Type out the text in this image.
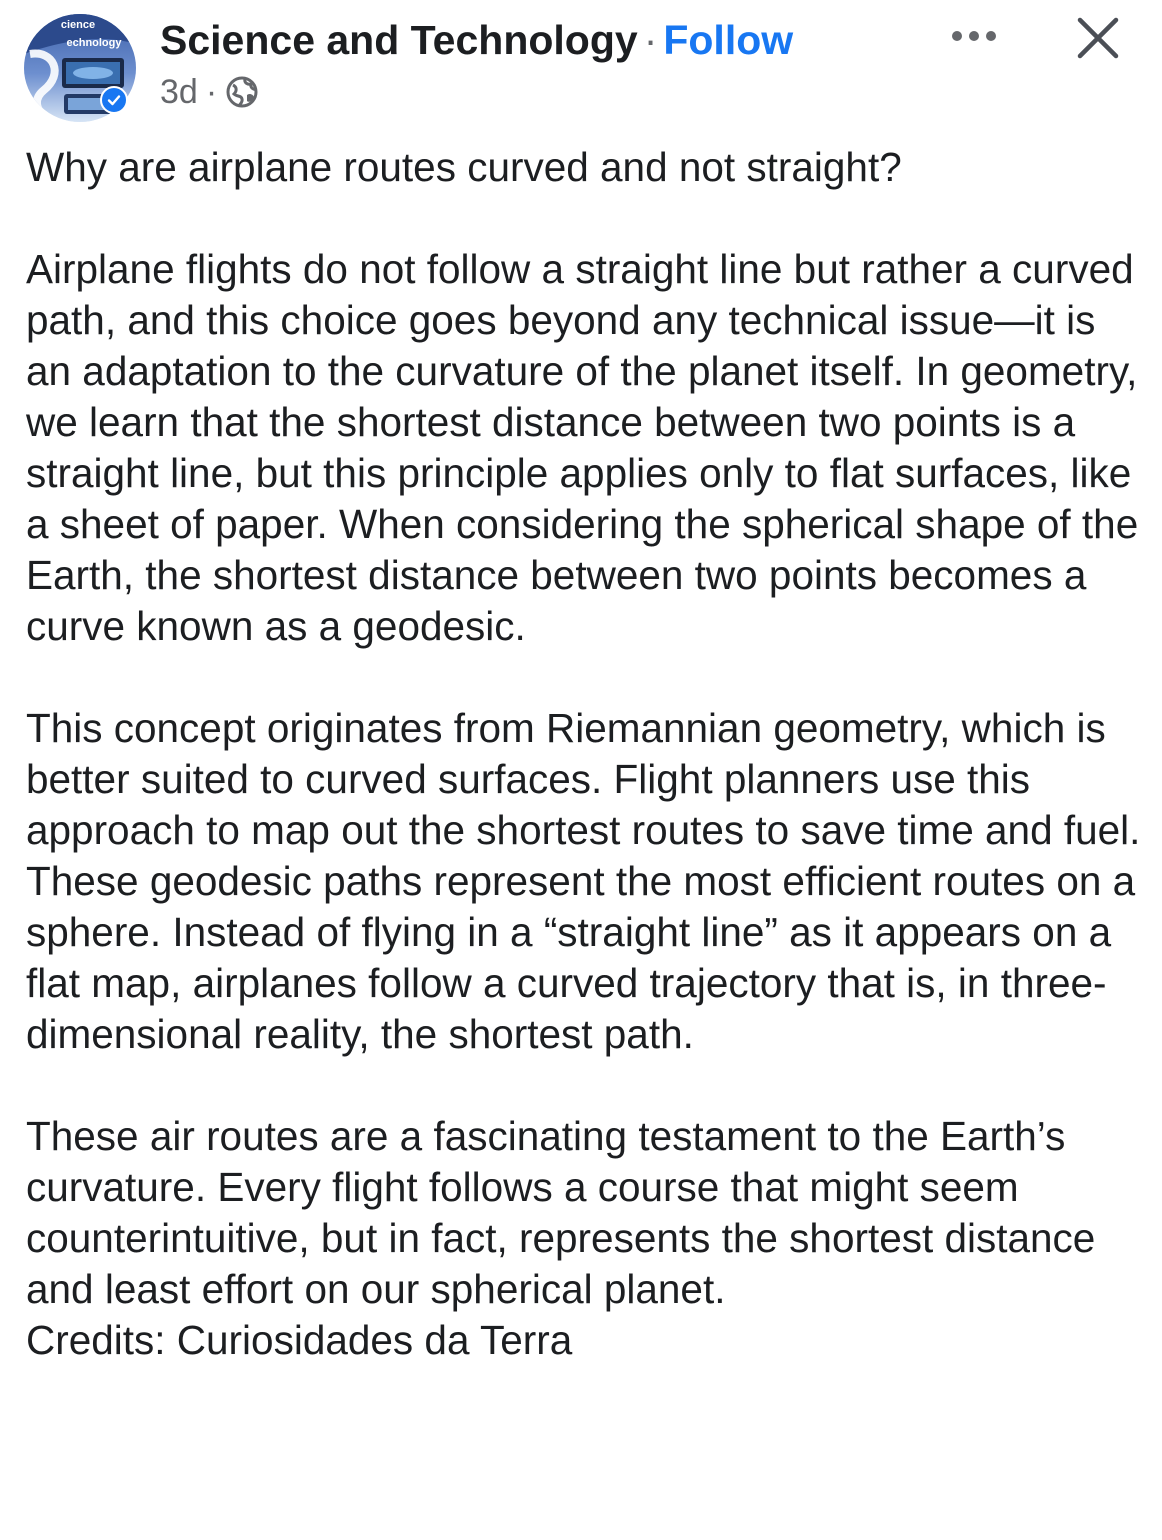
cience
echnology Science and Technology · Follow
3d ·

Why are airplane routes curved and not straight?

Airplane flights do not follow a straight line but rather a curved path, and this choice goes beyond any technical issue—it is an adaptation to the curvature of the planet itself. In geometry, we learn that the shortest distance between two points is a straight line, but this principle applies only to flat surfaces, like a sheet of paper. When considering the spherical shape of the Earth, the shortest distance between two points becomes a curve known as a geodesic.

This concept originates from Riemannian geometry, which is better suited to curved surfaces. Flight planners use this approach to map out the shortest routes to save time and fuel. These geodesic paths represent the most efficient routes on a sphere. Instead of flying in a “straight line” as it appears on a flat map, airplanes follow a curved trajectory that is, in three-dimensional reality, the shortest path.

These air routes are a fascinating testament to the Earth’s curvature. Every flight follows a course that might seem counterintuitive, but in fact, represents the shortest distance and least effort on our spherical planet.

Credits: Curiosidades da Terra
